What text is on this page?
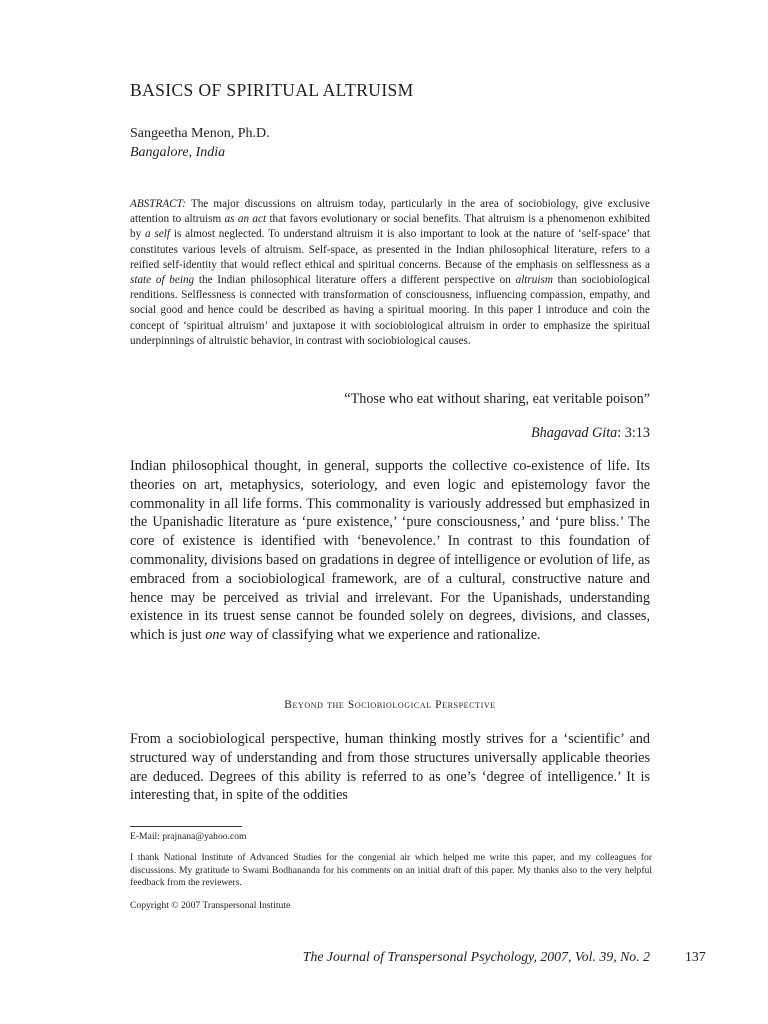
BASICS OF SPIRITUAL ALTRUISM
Sangeetha Menon, Ph.D.
Bangalore, India

ABSTRACT: The major discussions on altruism today, particularly in the area of sociobiology, give exclusive attention to altruism as an act that favors evolutionary or social benefits. That altruism is a phenomenon exhibited by a self is almost neglected. To understand altruism it is also important to look at the nature of ‘self-space’ that constitutes various levels of altruism. Self-space, as presented in the Indian philosophical literature, refers to a reified self-identity that would reflect ethical and spiritual concerns. Because of the emphasis on selflessness as a state of being the Indian philosophical literature offers a different perspective on altruism than sociobiological renditions. Selflessness is connected with transformation of consciousness, influencing compassion, empathy, and social good and hence could be described as having a spiritual mooring. In this paper I introduce and coin the concept of ‘spiritual altruism’ and juxtapose it with sociobiological altruism in order to emphasize the spiritual underpinnings of altruistic behavior, in contrast with sociobiological causes.

“Those who eat without sharing, eat veritable poison”
Bhagavad Gita: 3:13

Indian philosophical thought, in general, supports the collective co-existence of life. Its theories on art, metaphysics, soteriology, and even logic and epistemology favor the commonality in all life forms. This commonality is variously addressed but emphasized in the Upanishadic literature as ‘pure existence,’ ‘pure consciousness,’ and ‘pure bliss.’ The core of existence is identified with ‘benevolence.’ In contrast to this foundation of commonality, divisions based on gradations in degree of intelligence or evolution of life, as embraced from a sociobiological framework, are of a cultural, constructive nature and hence may be perceived as trivial and irrelevant. For the Upanishads, understanding existence in its truest sense cannot be founded solely on degrees, divisions, and classes, which is just one way of classifying what we experience and rationalize.

Beyond the Sociobiological Perspective

From a sociobiological perspective, human thinking mostly strives for a ‘scientific’ and structured way of understanding and from those structures universally applicable theories are deduced. Degrees of this ability is referred to as one’s ‘degree of intelligence.’ It is interesting that, in spite of the oddities

E-Mail: prajnana@yahoo.com

I thank National Institute of Advanced Studies for the congenial air which helped me write this paper, and my colleagues for discussions. My gratitude to Swami Bodhananda for his comments on an initial draft of this paper. My thanks also to the very helpful feedback from the reviewers.

Copyright © 2007 Transpersonal Institute

The Journal of Transpersonal Psychology, 2007, Vol. 39, No. 2	137
